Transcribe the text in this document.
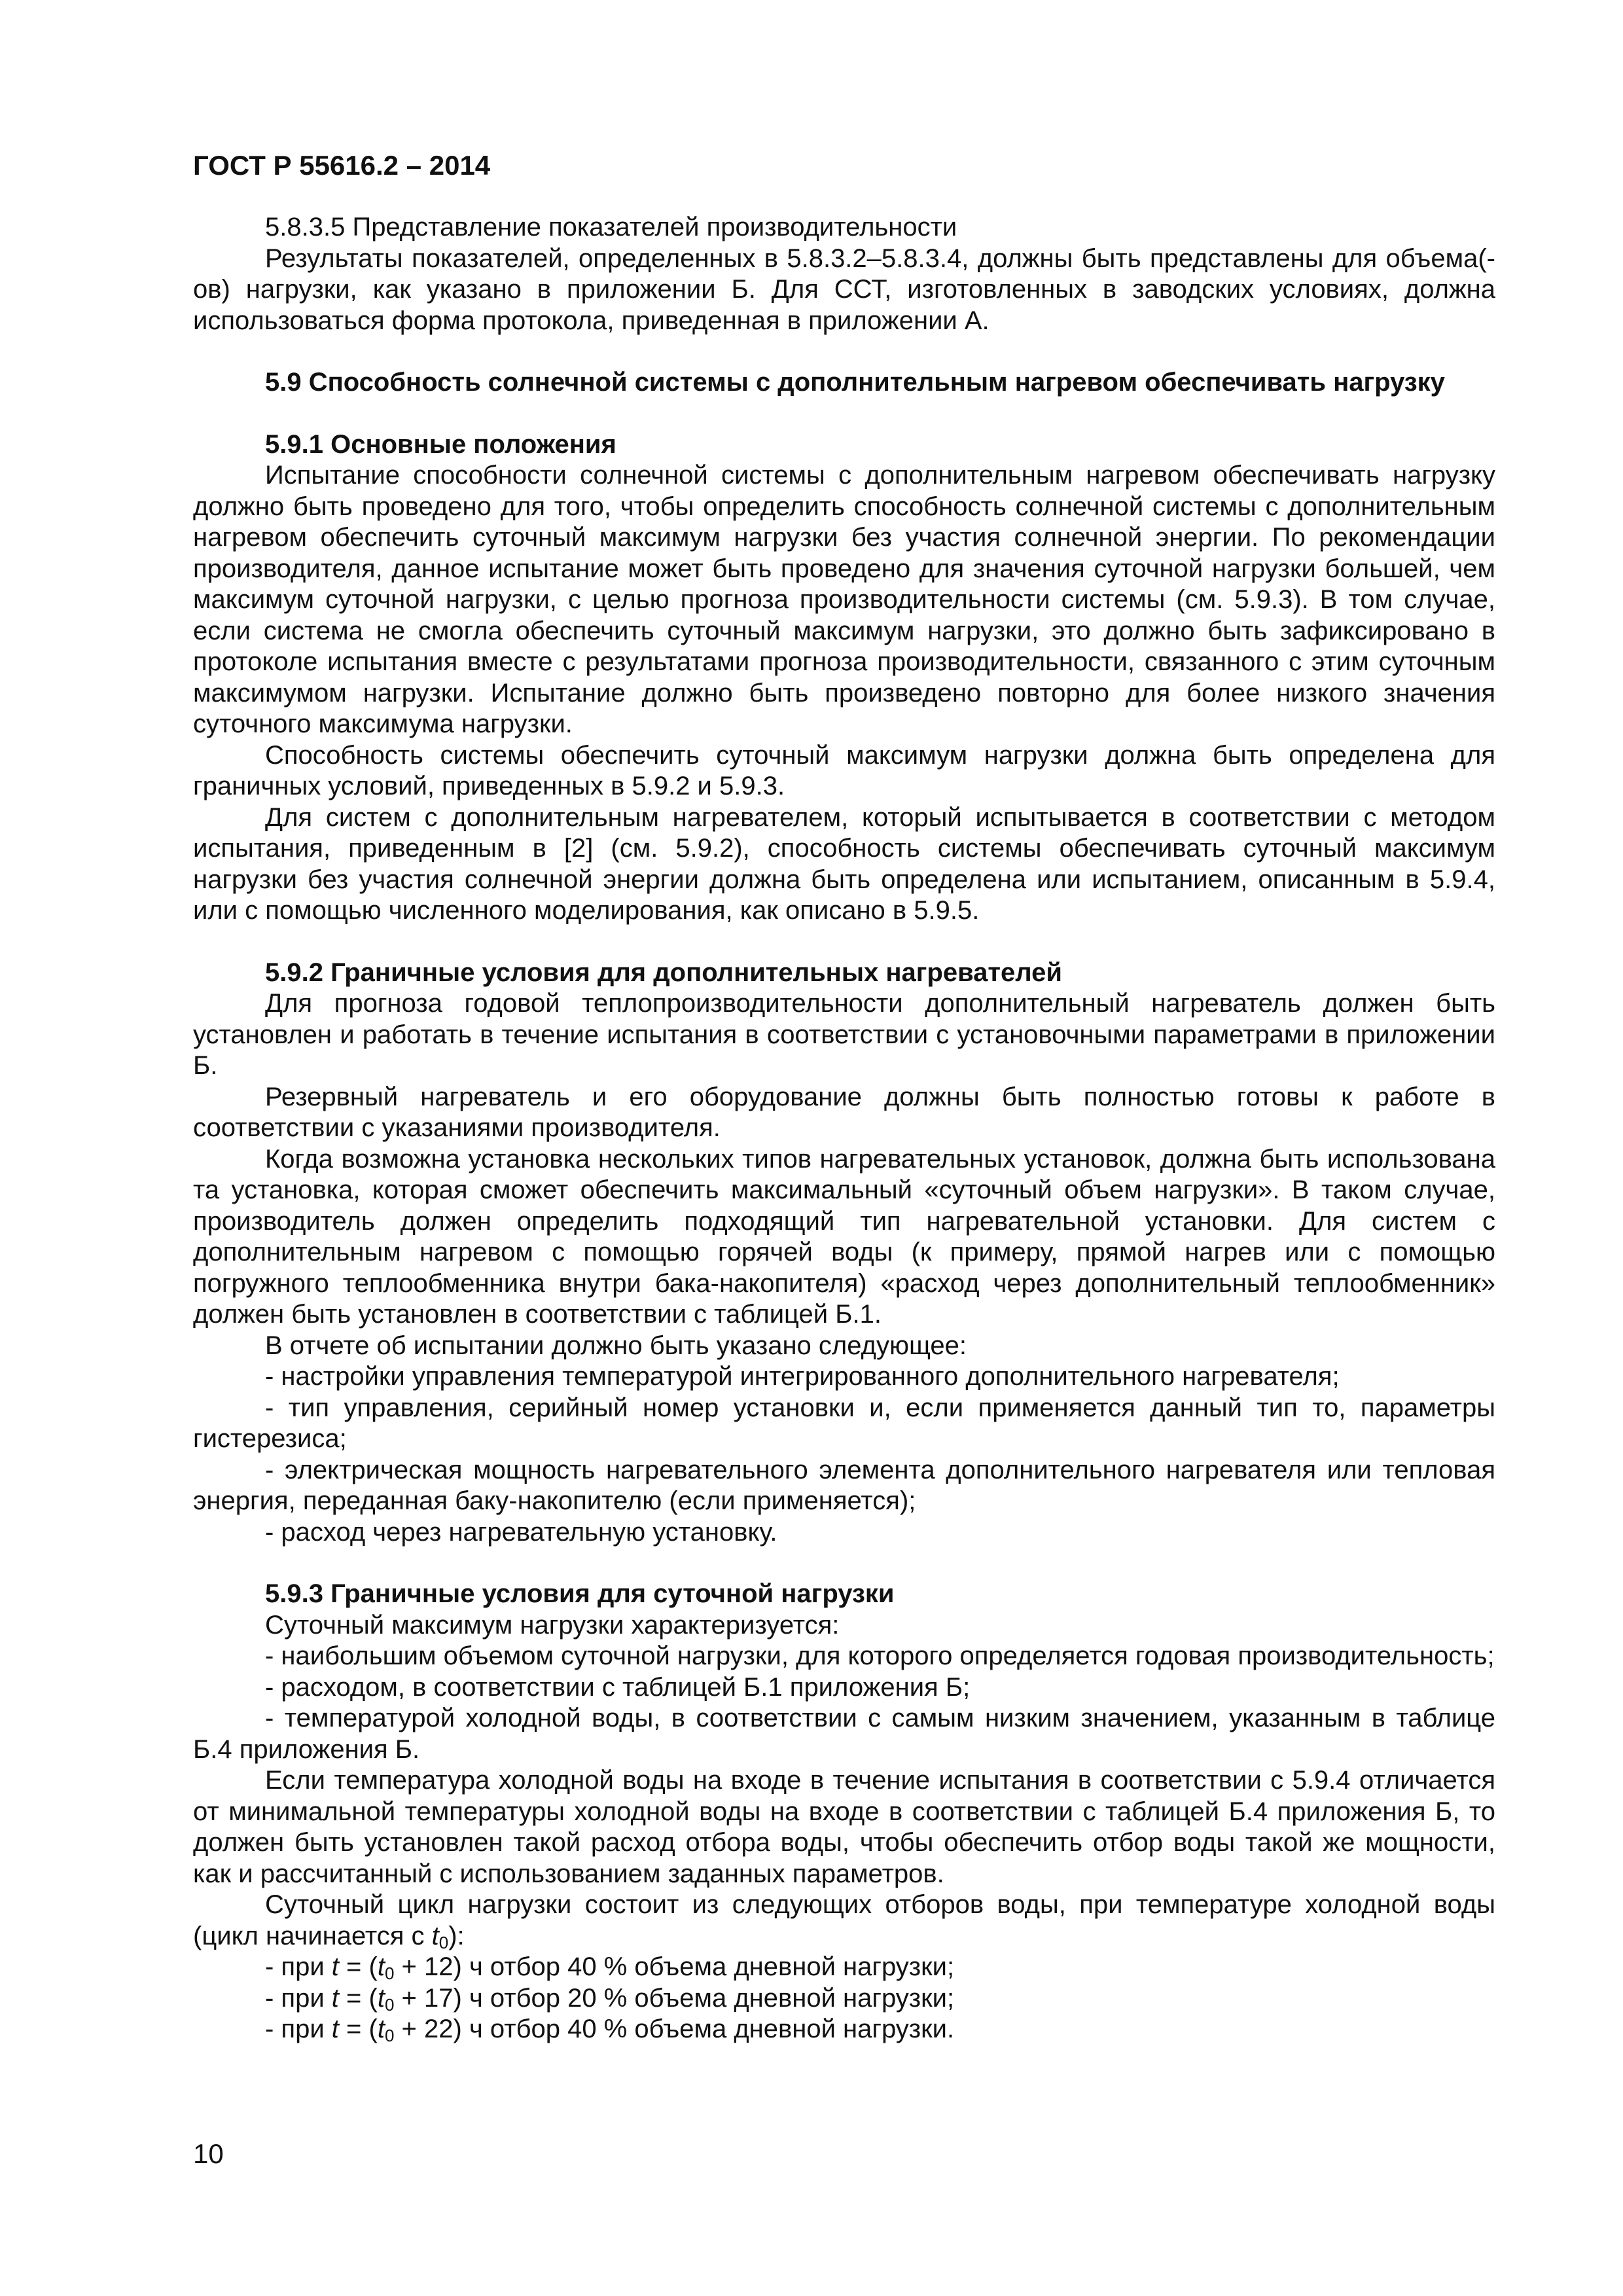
ГОСТ Р 55616.2 – 2014

5.8.3.5 Представление показателей производительности

Результаты показателей, определенных в 5.8.3.2–5.8.3.4, должны быть представлены для объема(-ов) нагрузки, как указано в приложении Б. Для ССТ, изготовленных в заводских условиях, должна использоваться форма протокола, приведенная в приложении А.

5.9 Способность солнечной системы с дополнительным нагревом обеспечивать нагрузку

5.9.1 Основные положения

Испытание способности солнечной системы с дополнительным нагревом обеспечивать нагрузку должно быть проведено для того, чтобы определить способность солнечной системы с дополнительным нагревом обеспечить суточный максимум нагрузки без участия солнечной энергии. По рекомендации производителя, данное испытание может быть проведено для значения суточной нагрузки большей, чем максимум суточной нагрузки, с целью прогноза производительности системы (см. 5.9.3). В том случае, если система не смогла обеспечить суточный максимум нагрузки, это должно быть зафиксировано в протоколе испытания вместе с результатами прогноза производительности, связанного с этим суточным максимумом нагрузки. Испытание должно быть произведено повторно для более низкого значения суточного максимума нагрузки.

Способность системы обеспечить суточный максимум нагрузки должна быть определена для граничных условий, приведенных в 5.9.2 и 5.9.3.

Для систем с дополнительным нагревателем, который испытывается в соответствии с методом испытания, приведенным в [2] (см. 5.9.2), способность системы обеспечивать суточный максимум нагрузки без участия солнечной энергии должна быть определена или испытанием, описанным в 5.9.4, или с помощью численного моделирования, как описано в 5.9.5.

5.9.2 Граничные условия для дополнительных нагревателей

Для прогноза годовой теплопроизводительности дополнительный нагреватель должен быть установлен и работать в течение испытания в соответствии с установочными параметрами в приложении Б.

Резервный нагреватель и его оборудование должны быть полностью готовы к работе в соответствии с указаниями производителя.

Когда возможна установка нескольких типов нагревательных установок, должна быть использована та установка, которая сможет обеспечить максимальный «суточный объем нагрузки». В таком случае, производитель должен определить подходящий тип нагревательной установки. Для систем с дополнительным нагревом с помощью горячей воды (к примеру, прямой нагрев или с помощью погружного теплообменника внутри бака-накопителя) «расход через дополнительный теплообменник» должен быть установлен в соответствии с таблицей Б.1.

В отчете об испытании должно быть указано следующее:

- настройки управления температурой интегрированного дополнительного нагревателя;

- тип управления, серийный номер установки и, если применяется данный тип то, параметры гистерезиса;

- электрическая мощность нагревательного элемента дополнительного нагревателя или тепловая энергия, переданная баку-накопителю (если применяется);

- расход через нагревательную установку.

5.9.3 Граничные условия для суточной нагрузки

Суточный максимум нагрузки характеризуется:

- наибольшим объемом суточной нагрузки, для которого определяется годовая производительность;

- расходом, в соответствии с таблицей Б.1 приложения Б;

- температурой холодной воды, в соответствии с самым низким значением, указанным в таблице Б.4 приложения Б.

Если температура холодной воды на входе в течение испытания в соответствии с 5.9.4 отличается от минимальной температуры холодной воды на входе в соответствии с таблицей Б.4 приложения Б, то должен быть установлен такой расход отбора воды, чтобы обеспечить отбор воды такой же мощности, как и рассчитанный с использованием заданных параметров.

Суточный цикл нагрузки состоит из следующих отборов воды, при температуре холодной воды (цикл начинается с $t_0$):

- при $t = (t_0 + 12)$ ч отбор 40 % объема дневной нагрузки;

- при $t = (t_0 + 17)$ ч отбор 20 % объема дневной нагрузки;

- при $t = (t_0 + 22)$ ч отбор 40 % объема дневной нагрузки.

10
